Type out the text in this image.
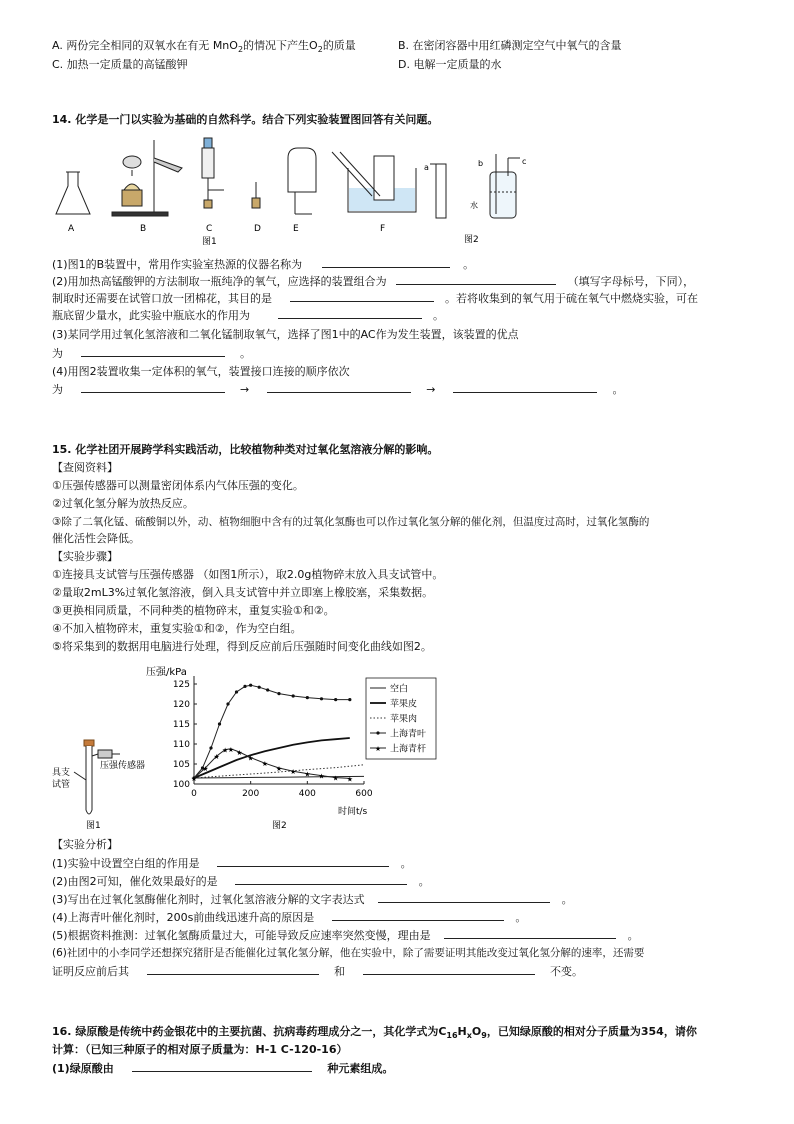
A. 两份完全相同的双氧水在有无 MnO$_2$的情况下产生$O_2$的质量	B. 在密闭容器中用红磷测定空气中氧气的含量
C. 加热一定质量的高锰酸钾	D. 电解一定质量的水
14. 化学是一门以实验为基础的自然科学。结合下列实验装置图回答有关问题。
A	B	C	D	E	F
图1
a	b	c
水
图2
(1)图1的B装置中，常用作实验室热源的仪器名称为	。
(2)用加热高锰酸钾的方法制取一瓶纯净的氧气，应选择的装置组合为	（填写字母标号，下同），
制取时还需要在试管口放一团棉花，其目的是	。若将收集到的氧气用于硫在氧气中燃烧实验，可在
瓶底留少量水，此实验中瓶底水的作用为	。
(3)某同学用过氧化氢溶液和二氧化锰制取氧气，选择了图1中的AC作为发生装置，该装置的优点
为	。
(4)用图2装置收集一定体积的氧气，装置接口连接的顺序依次
为	→	→	。
15. 化学社团开展跨学科实践活动，比较植物种类对过氧化氢溶液分解的影响。
【查阅资料】
①压强传感器可以测量密闭体系内气体压强的变化。
②过氧化氢分解为放热反应。
③除了二氧化锰、硫酸铜以外，动、植物细胞中含有的过氧化氢酶也可以作过氧化氢分解的催化剂，但温度过高时，过氧化氢酶的
催化活性会降低。
【实验步骤】
①连接具支试管与压强传感器 （如图1所示），取2.0g植物碎末放入具支试管中。
②量取2mL3%过氧化氢溶液，倒入具支试管中并立即塞上橡胶塞，采集数据。
③更换相同质量，不同种类的植物碎末，重复实验①和②。
④不加入植物碎末，重复实验①和②，作为空白组。
⑤将采集到的数据用电脑进行处理，得到反应前后压强随时间变化曲线如图2。
具支
试管
压强传感器
图1
压强/kPa
时间t/s
图2
0	200	400	600
100
105
110
115
120
125
★
★
★
★ ★ ★
★
★
★ ★ ★ ★ ★ ★
空白
苹果皮
苹果肉
上海青叶
★ 上海青杆
【实验分析】
(1)实验中设置空白组的作用是	。
(2)由图2可知，催化效果最好的是	。
(3)写出在过氧化氢酶催化剂时，过氧化氢溶液分解的文字表达式	。
(4)上海青叶催化剂时，200s前曲线迅速升高的原因是	。
(5)根据资料推测：过氧化氢酶质量过大，可能导致反应速率突然变慢，理由是	。
(6)社团中的小李同学还想探究猪肝是否能催化过氧化氢分解，他在实验中，除了需要证明其能改变过氧化氢分解的速率，还需要
证明反应前后其	和	不变。
16. 绿原酸是传统中药金银花中的主要抗菌、抗病毒药理成分之一，其化学式为$C_{16}H_xO_9$，已知绿原酸的相对分子质量为354，请你
计算：（已知三种原子的相对原子质量为：H-1 C-120-16）
(1)绿原酸由	种元素组成。
